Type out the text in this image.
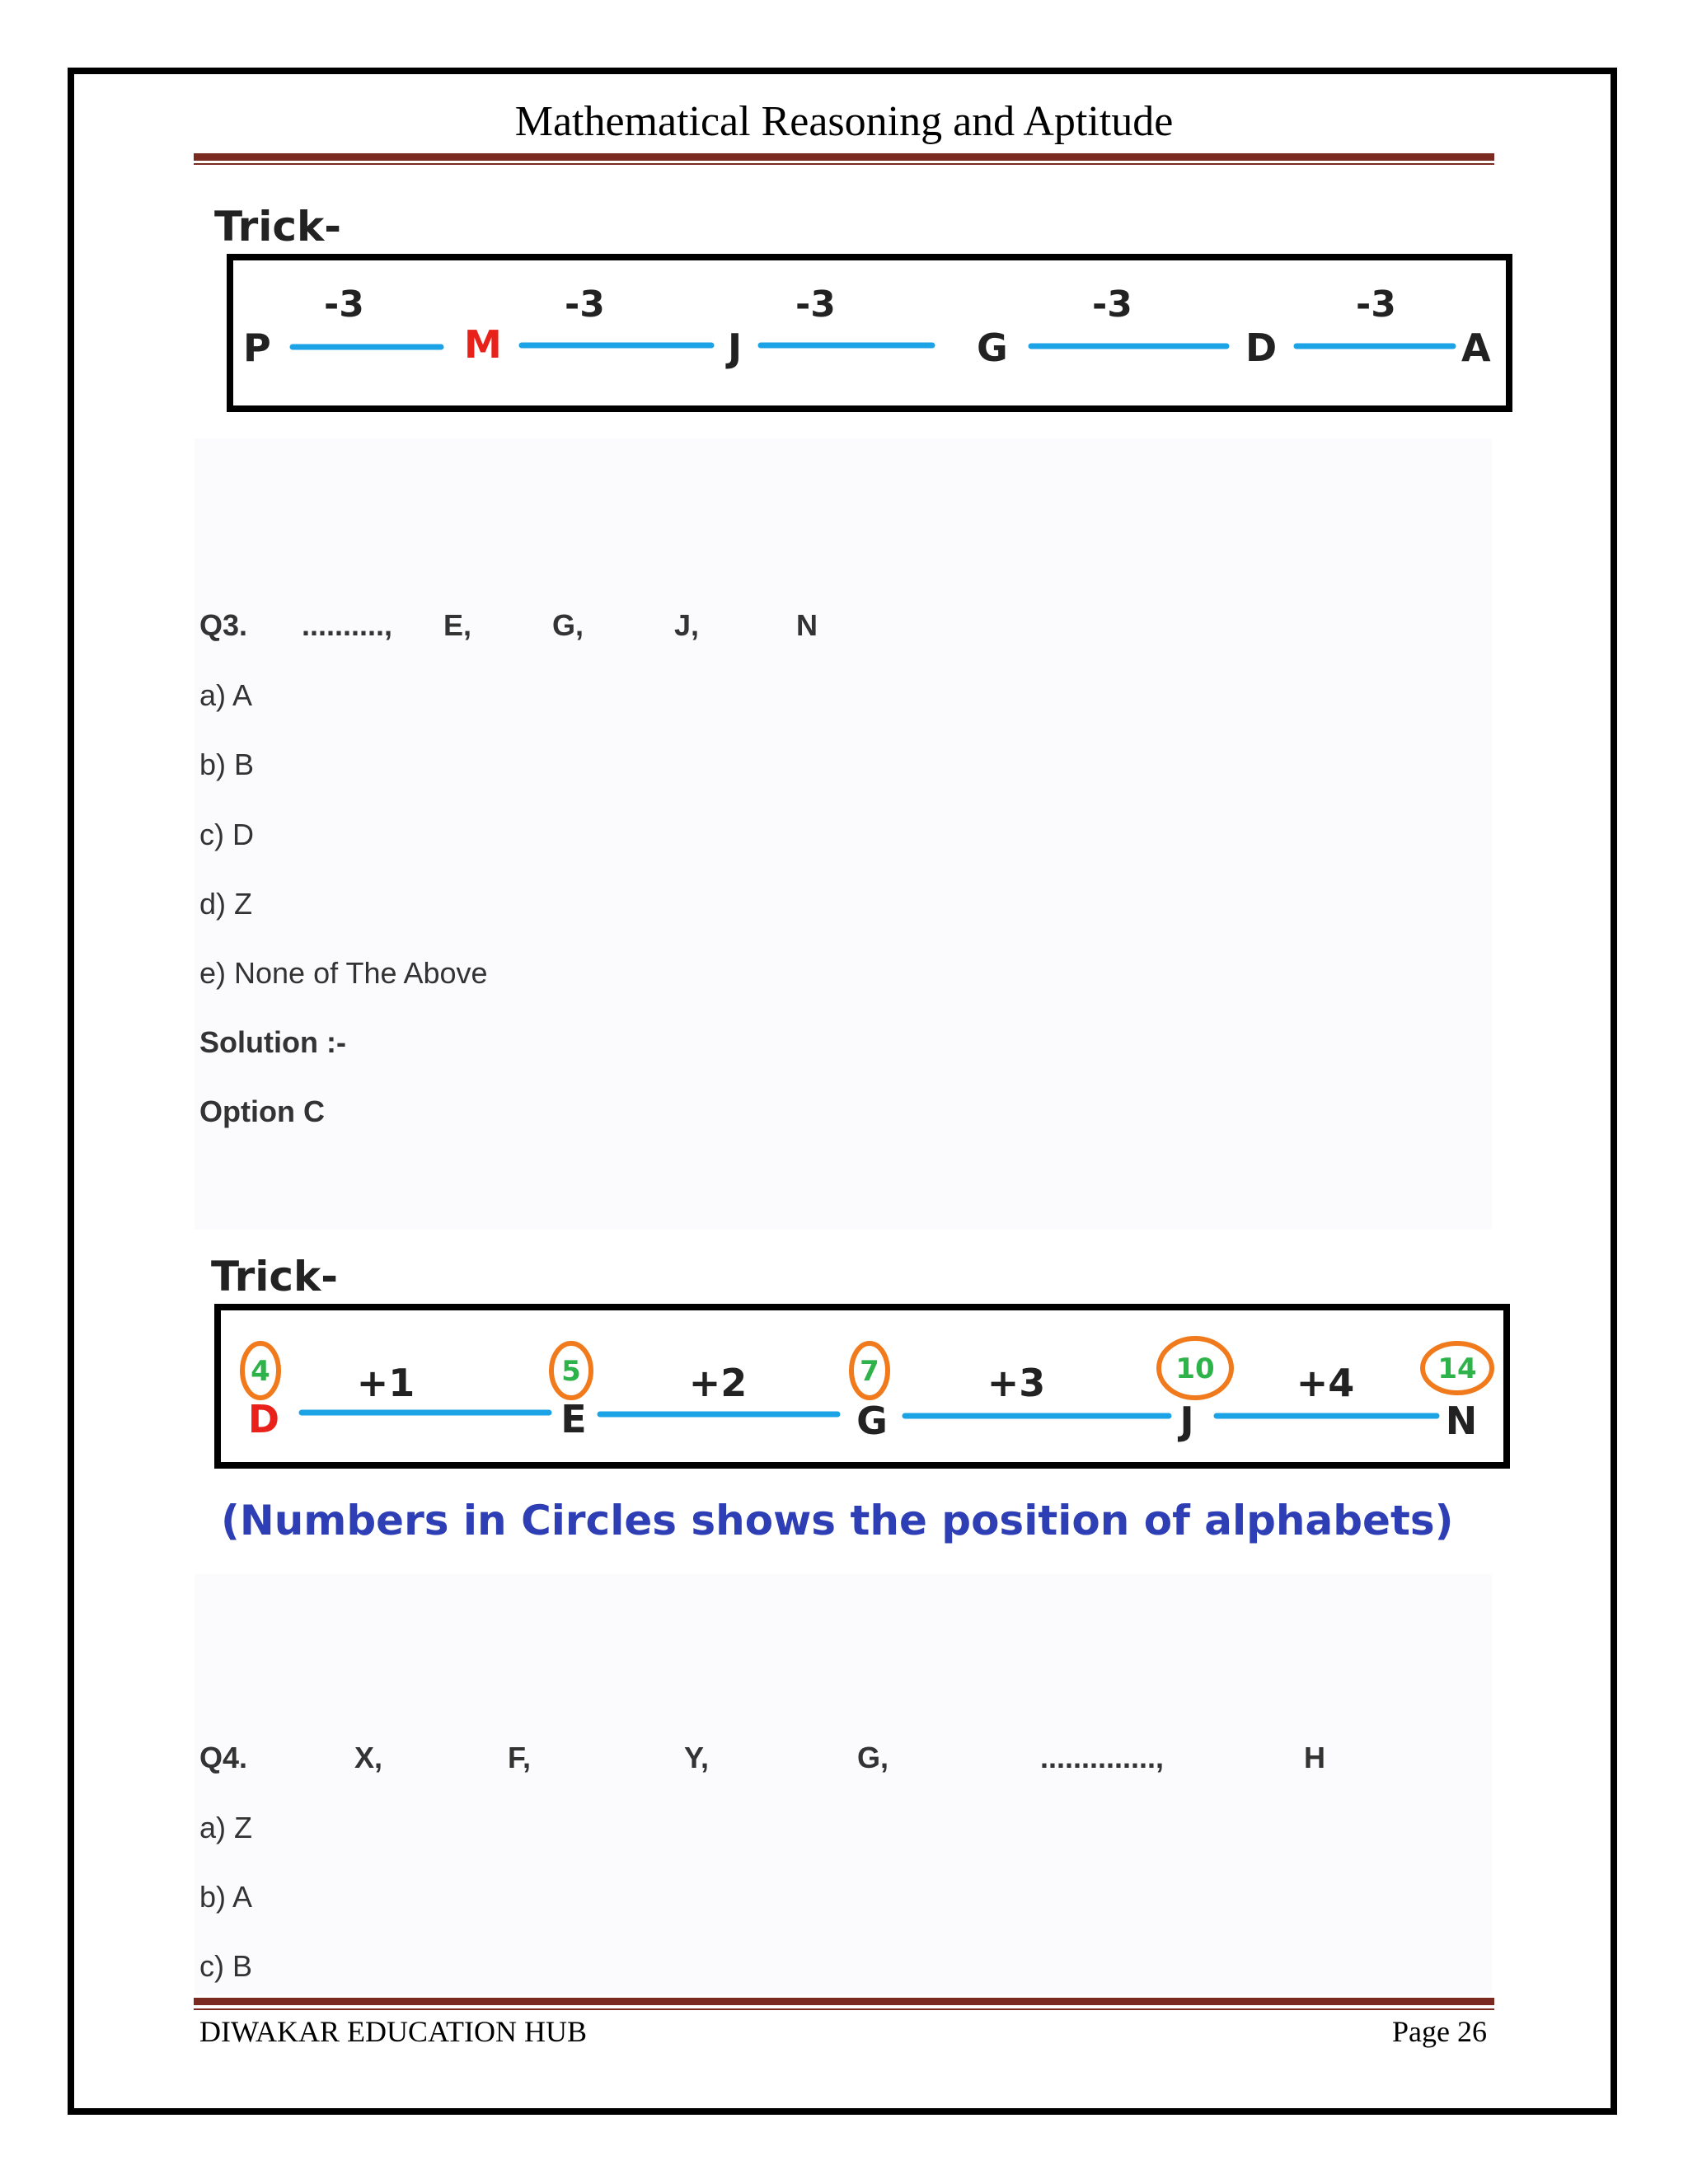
Mathematical Reasoning and Aptitude
Trick-
P	M	J	G	D	A
-3	-3	-3	-3	-3
Q3. .........., E,	G,	J,	N
a) A
b) B
c) D
d) Z
e) None of The Above
Solution :-
Option C
Trick-
4	5	7	10	14
D	E	G	J	N
+1	+2	+3	+4
(Numbers in Circles shows the position of alphabets)
Q4.	X,	F,	Y,	G,	..............,	H
a) Z
b) A
c) B
DIWAKAR EDUCATION HUB	Page 26
